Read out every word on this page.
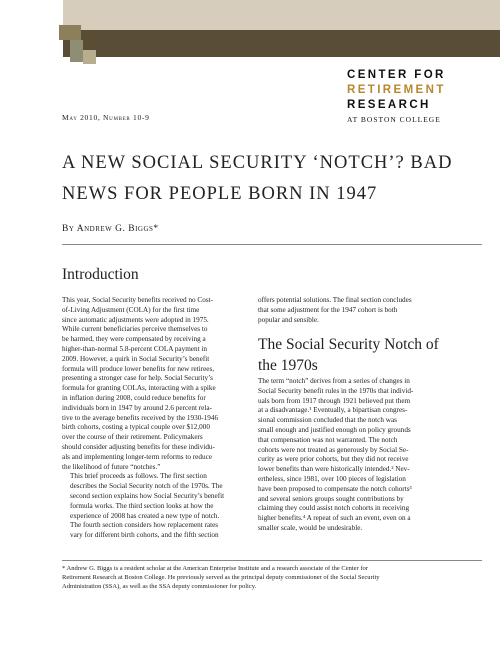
CENTER FOR
RETIREMENT
RESEARCH
AT BOSTON COLLEGE
May 2010, Number 10-9
A NEW SOCIAL SECURITY ‘NOTCH’? BAD
NEWS FOR PEOPLE BORN IN 1947
By Andrew G. Biggs*
Introduction

This year, Social Security benefits received no Cost-
of-Living Adjustment (COLA) for the first time
since automatic adjustments were adopted in 1975.
While current beneficiaries perceive themselves to
be harmed, they were compensated by receiving a
higher-than-normal 5.8-percent COLA payment in
2009. However, a quirk in Social Security’s benefit
formula will produce lower benefits for new retirees,
presenting a stronger case for help. Social Security’s
formula for granting COLAs, interacting with a spike
in inflation during 2008, could reduce benefits for
individuals born in 1947 by around 2.6 percent rela-
tive to the average benefits received by the 1930-1946
birth cohorts, costing a typical couple over $12,000
over the course of their retirement. Policymakers
should consider adjusting benefits for these individu-
als and implementing longer-term reforms to reduce
the likelihood of future “notches.”

This brief proceeds as follows. The first section
describes the Social Security notch of the 1970s. The
second section explains how Social Security’s benefit
formula works. The third section looks at how the
experience of 2008 has created a new type of notch.
The fourth section considers how replacement rates
vary for different birth cohorts, and the fifth section

offers potential solutions. The final section concludes
that some adjustment for the 1947 cohort is both
popular and sensible.

The Social Security Notch of
the 1970s

The term “notch” derives from a series of changes in
Social Security benefit rules in the 1970s that individ-
uals born from 1917 through 1921 believed put them
at a disadvantage.¹ Eventually, a bipartisan congres-
sional commission concluded that the notch was
small enough and justified enough on policy grounds
that compensation was not warranted. The notch
cohorts were not treated as generously by Social Se-
curity as were prior cohorts, but they did not receive
lower benefits than were historically intended.² Nev-
ertheless, since 1981, over 100 pieces of legislation
have been proposed to compensate the notch cohorts³
and several seniors groups sought contributions by
claiming they could assist notch cohorts in receiving
higher benefits.⁴ A repeat of such an event, even on a
smaller scale, would be undesirable.

* Andrew G. Biggs is a resident scholar at the American Enterprise Institute and a research associate of the Center for
Retirement Research at Boston College. He previously served as the principal deputy commissioner of the Social Security
Administration (SSA), as well as the SSA deputy commissioner for policy.
